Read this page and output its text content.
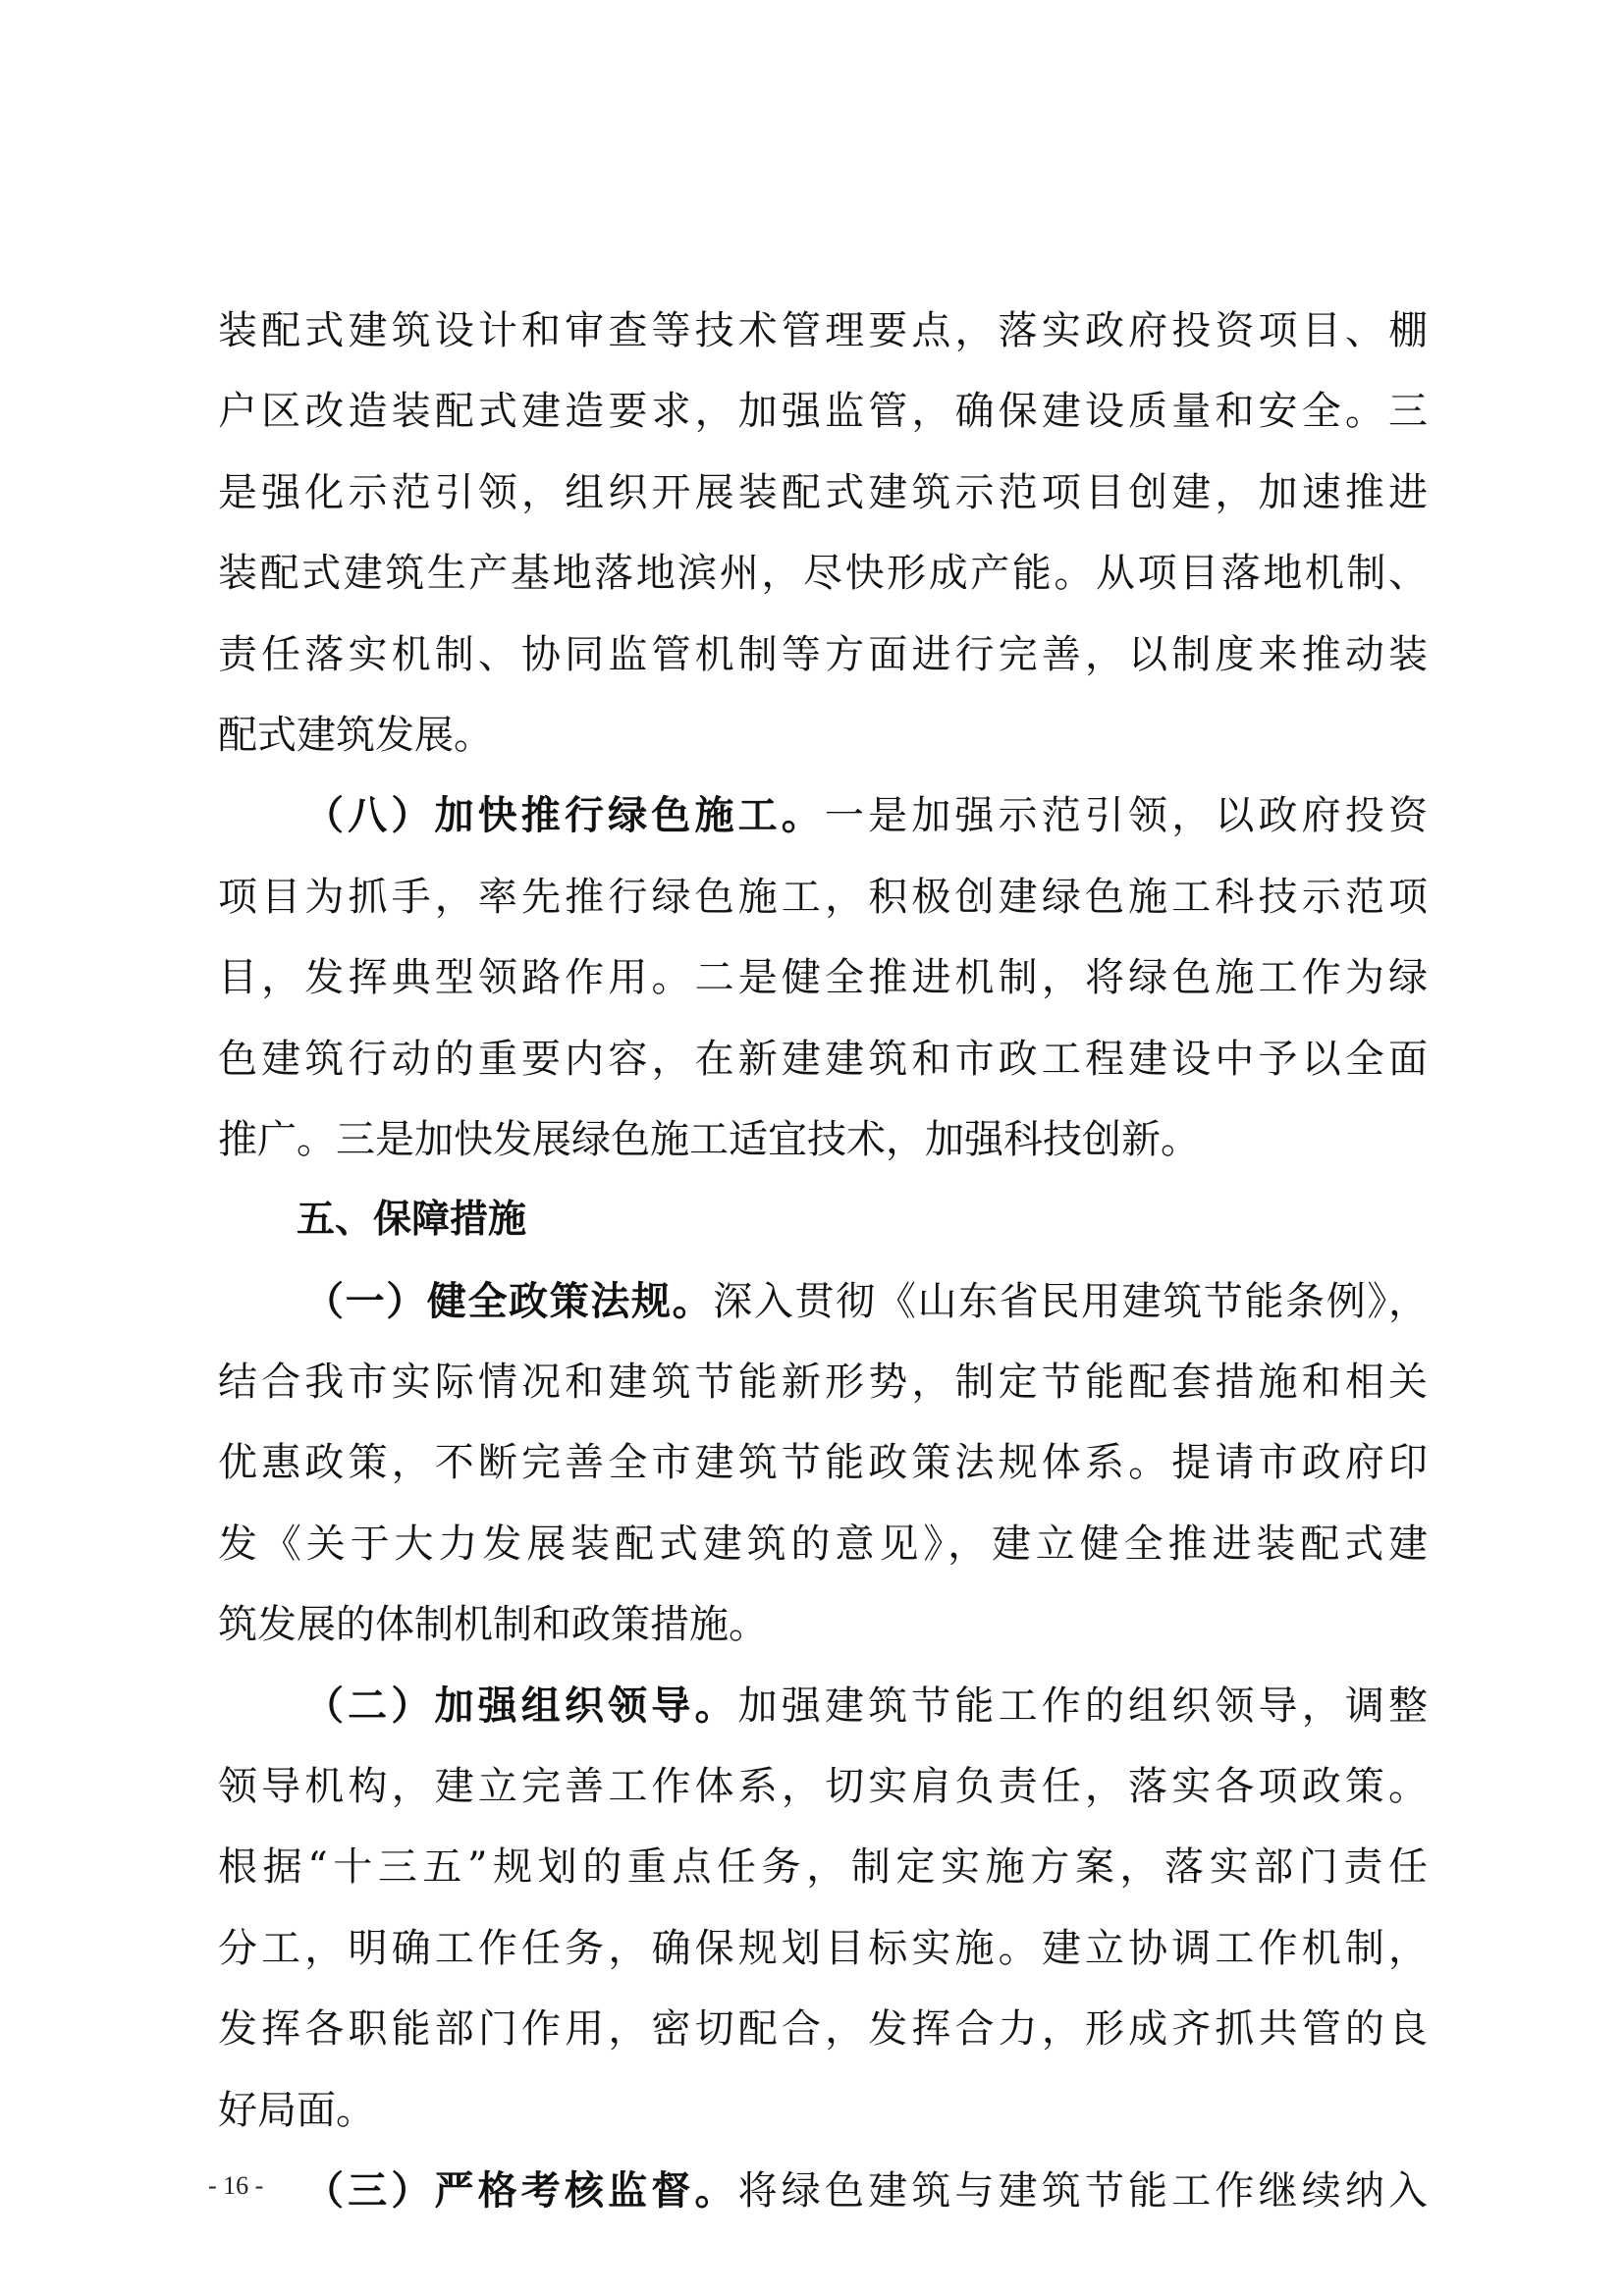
装配式建筑设计和审查等技术管理要点，落实政府投资项目、棚
户区改造装配式建造要求，加强监管，确保建设质量和安全。三
是强化示范引领，组织开展装配式建筑示范项目创建，加速推进
装配式建筑生产基地落地滨州，尽快形成产能。从项目落地机制、
责任落实机制、协同监管机制等方面进行完善，以制度来推动装
配式建筑发展。
（八）加快推行绿色施工。一是加强示范引领，以政府投资
项目为抓手，率先推行绿色施工，积极创建绿色施工科技示范项
目，发挥典型领路作用。二是健全推进机制，将绿色施工作为绿
色建筑行动的重要内容，在新建建筑和市政工程建设中予以全面
推广。三是加快发展绿色施工适宜技术，加强科技创新。
五、保障措施
（一）健全政策法规。深入贯彻《山东省民用建筑节能条例》，
结合我市实际情况和建筑节能新形势，制定节能配套措施和相关
优惠政策，不断完善全市建筑节能政策法规体系。提请市政府印
发《关于大力发展装配式建筑的意见》，建立健全推进装配式建
筑发展的体制机制和政策措施。
（二）加强组织领导。加强建筑节能工作的组织领导，调整
领导机构，建立完善工作体系，切实肩负责任，落实各项政策。
根据“十三五”规划的重点任务，制定实施方案，落实部门责任
分工，明确工作任务，确保规划目标实施。建立协调工作机制，
发挥各职能部门作用，密切配合，发挥合力，形成齐抓共管的良
好局面。
（三）严格考核监督。将绿色建筑与建筑节能工作继续纳入
- 16 -
